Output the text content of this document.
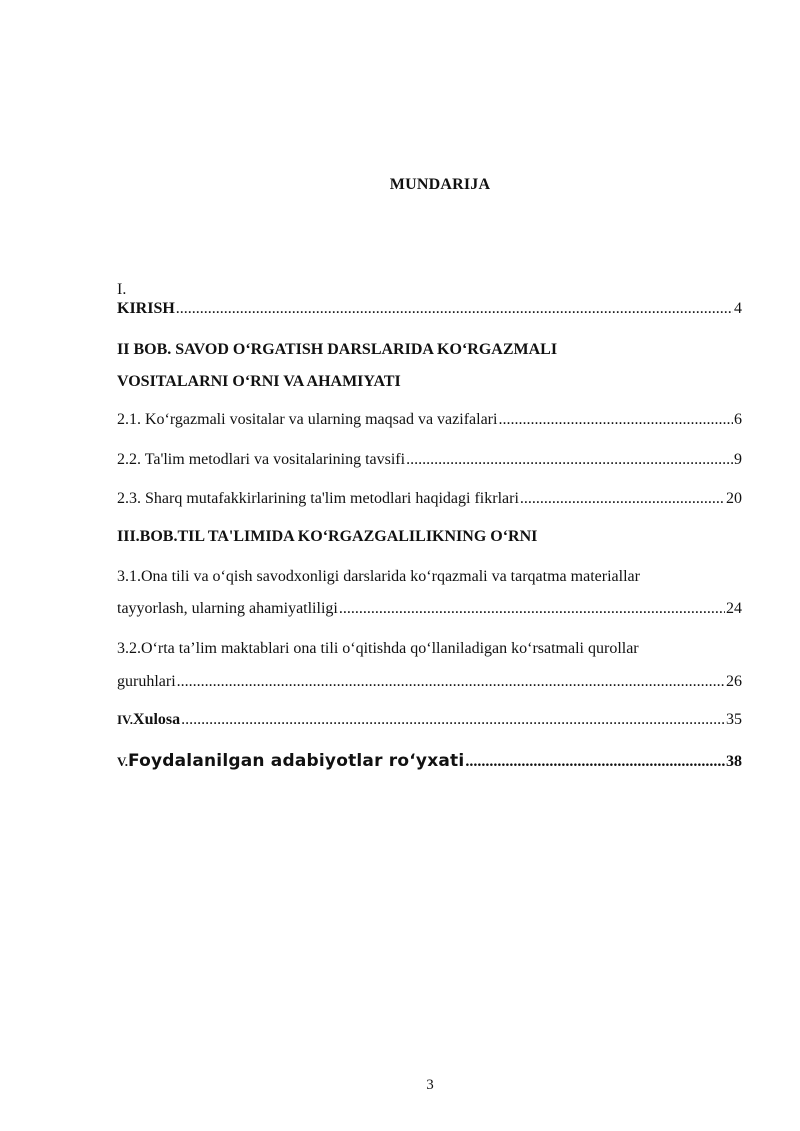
MUNDARIJA
I.
KIRISH .....	4
II BOB. SAVOD O‘RGATISH DARSLARIDA KO‘RGAZMALI
VOSITALARNI O‘RNI VA AHAMIYATI
2.1. Ko‘rgazmali vositalar va ularning maqsad va vazifalari .....	6
2.2. Ta'lim metodlari va vositalarining tavsifi .....	9
2.3. Sharq mutafakkirlarining ta'lim metodlari haqidagi fikrlari .....	20
III.BOB.TIL TA'LIMIDA KO‘RGAZGALILIKNING O‘RNI
3.1.Ona tili va o‘qish savodxonligi darslarida ko‘rqazmali va tarqatma materiallar
tayyorlash, ularning ahamiyatliligi .....	24
3.2.O‘rta ta’lim maktablari ona tili o‘qitishda qo‘llaniladigan ko‘rsatmali qurollar
guruhlari .....	26
IV. Xulosa .....	35
V. Foydalanilgan adabiyotlar ro‘yxati .....	38
3
